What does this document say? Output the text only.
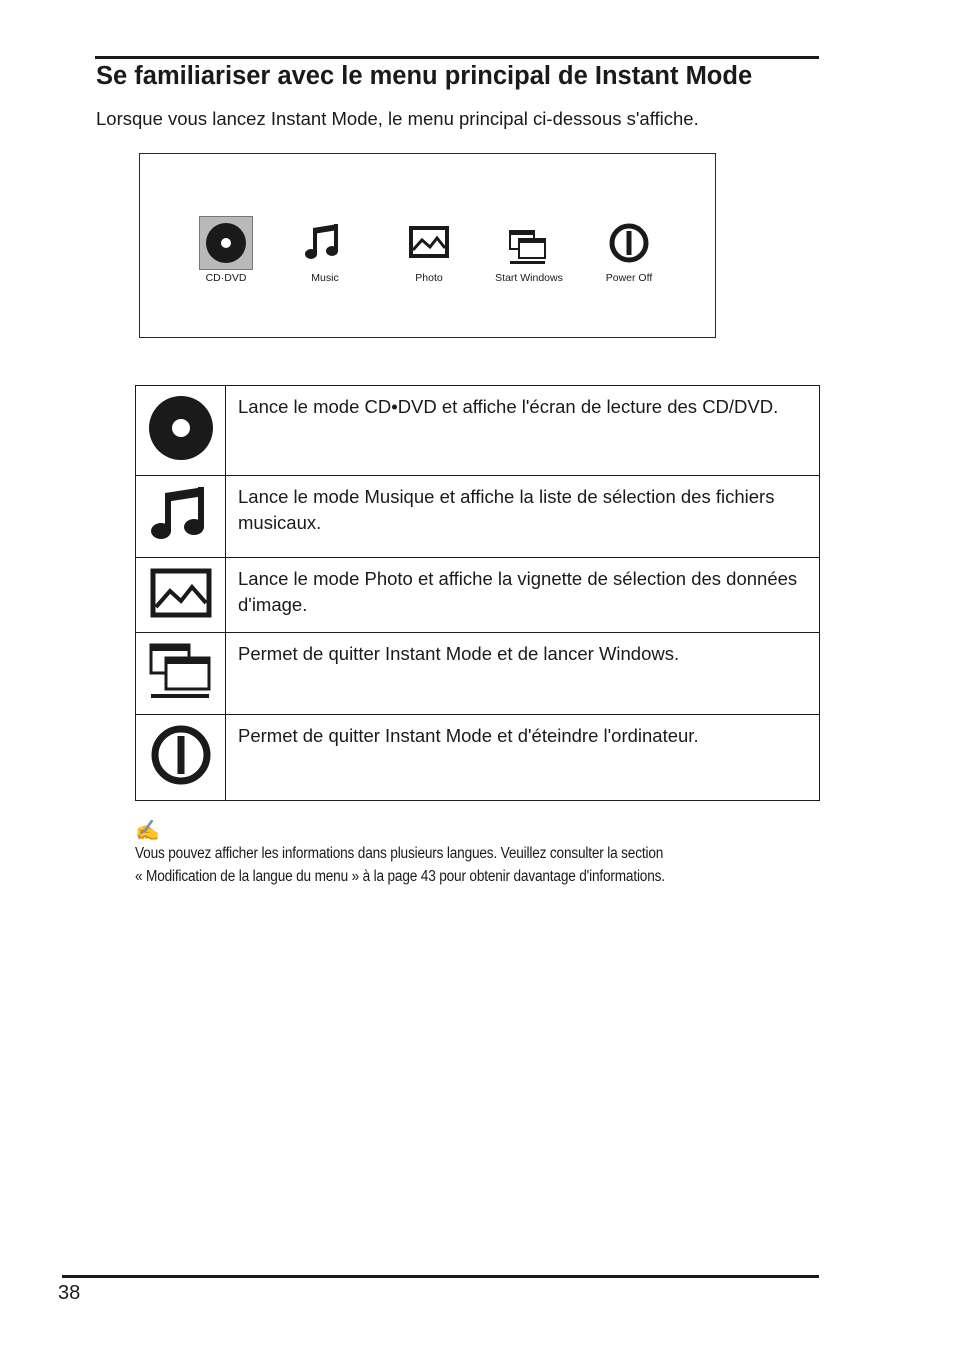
Se familiariser avec le menu principal de Instant Mode

Lorsque vous lancez Instant Mode, le menu principal ci-dessous s'affiche.

CD·DVD	Music	Photo	Start Windows	Power Off
	Lance le mode CD•DVD et affiche l'écran de lecture des CD/DVD.
	Lance le mode Musique et affiche la liste de sélection des fichiers musicaux.
	Lance le mode Photo et affiche la vignette de sélection des données d'image.
	Permet de quitter Instant Mode et de lancer Windows.
	Permet de quitter Instant Mode et d'éteindre l'ordinateur.
✍

Vous pouvez afficher les informations dans plusieurs langues. Veuillez consulter la section
« Modification de la langue du menu » à la page 43 pour obtenir davantage d'informations.

38
